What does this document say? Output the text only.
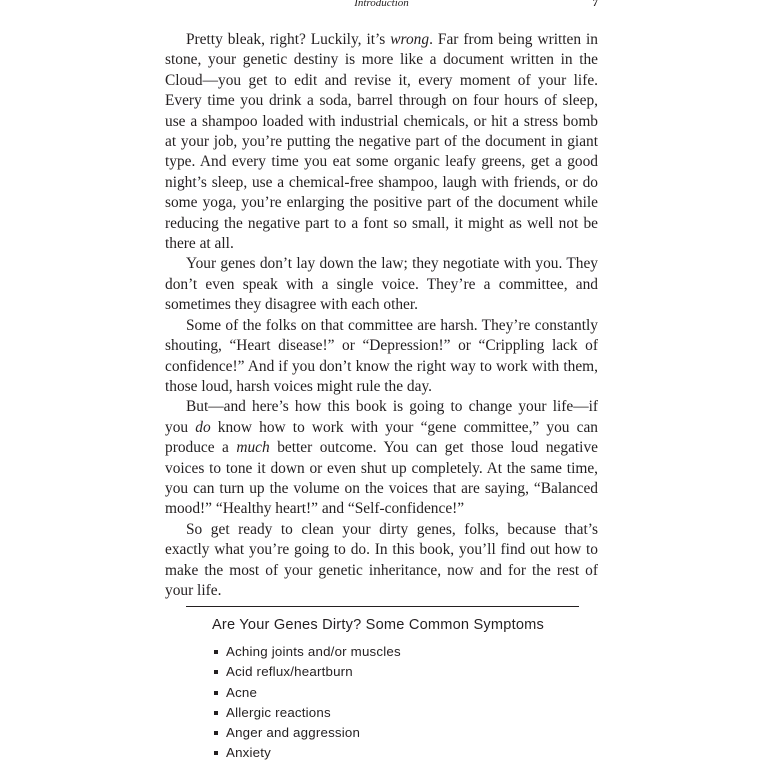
Introduction	7

Pretty bleak, right? Luckily, it’s wrong. Far from being written in stone, your genetic destiny is more like a document written in the Cloud—you get to edit and revise it, every moment of your life. Every time you drink a soda, barrel through on four hours of sleep, use a shampoo loaded with industrial chemicals, or hit a stress bomb at your job, you’re putting the negative part of the document in giant type. And every time you eat some organic leafy greens, get a good night’s sleep, use a chemical-free shampoo, laugh with friends, or do some yoga, you’re enlarging the positive part of the document while reducing the negative part to a font so small, it might as well not be there at all.

Your genes don’t lay down the law; they negotiate with you. They don’t even speak with a single voice. They’re a committee, and sometimes they disagree with each other.

Some of the folks on that committee are harsh. They’re constantly shouting, “Heart disease!” or “Depression!” or “Crippling lack of confidence!” And if you don’t know the right way to work with them, those loud, harsh voices might rule the day.

But—and here’s how this book is going to change your life—if you do know how to work with your “gene committee,” you can produce a much better outcome. You can get those loud negative voices to tone it down or even shut up completely. At the same time, you can turn up the volume on the voices that are saying, “Balanced mood!” “Healthy heart!” and “Self-confidence!”

So get ready to clean your dirty genes, folks, because that’s exactly what you’re going to do. In this book, you’ll find out how to make the most of your genetic inheritance, now and for the rest of your life.

Are Your Genes Dirty? Some Common Symptoms
Aching joints and/or muscles
Acid reflux/heartburn
Acne
Allergic reactions
Anger and aggression
Anxiety
